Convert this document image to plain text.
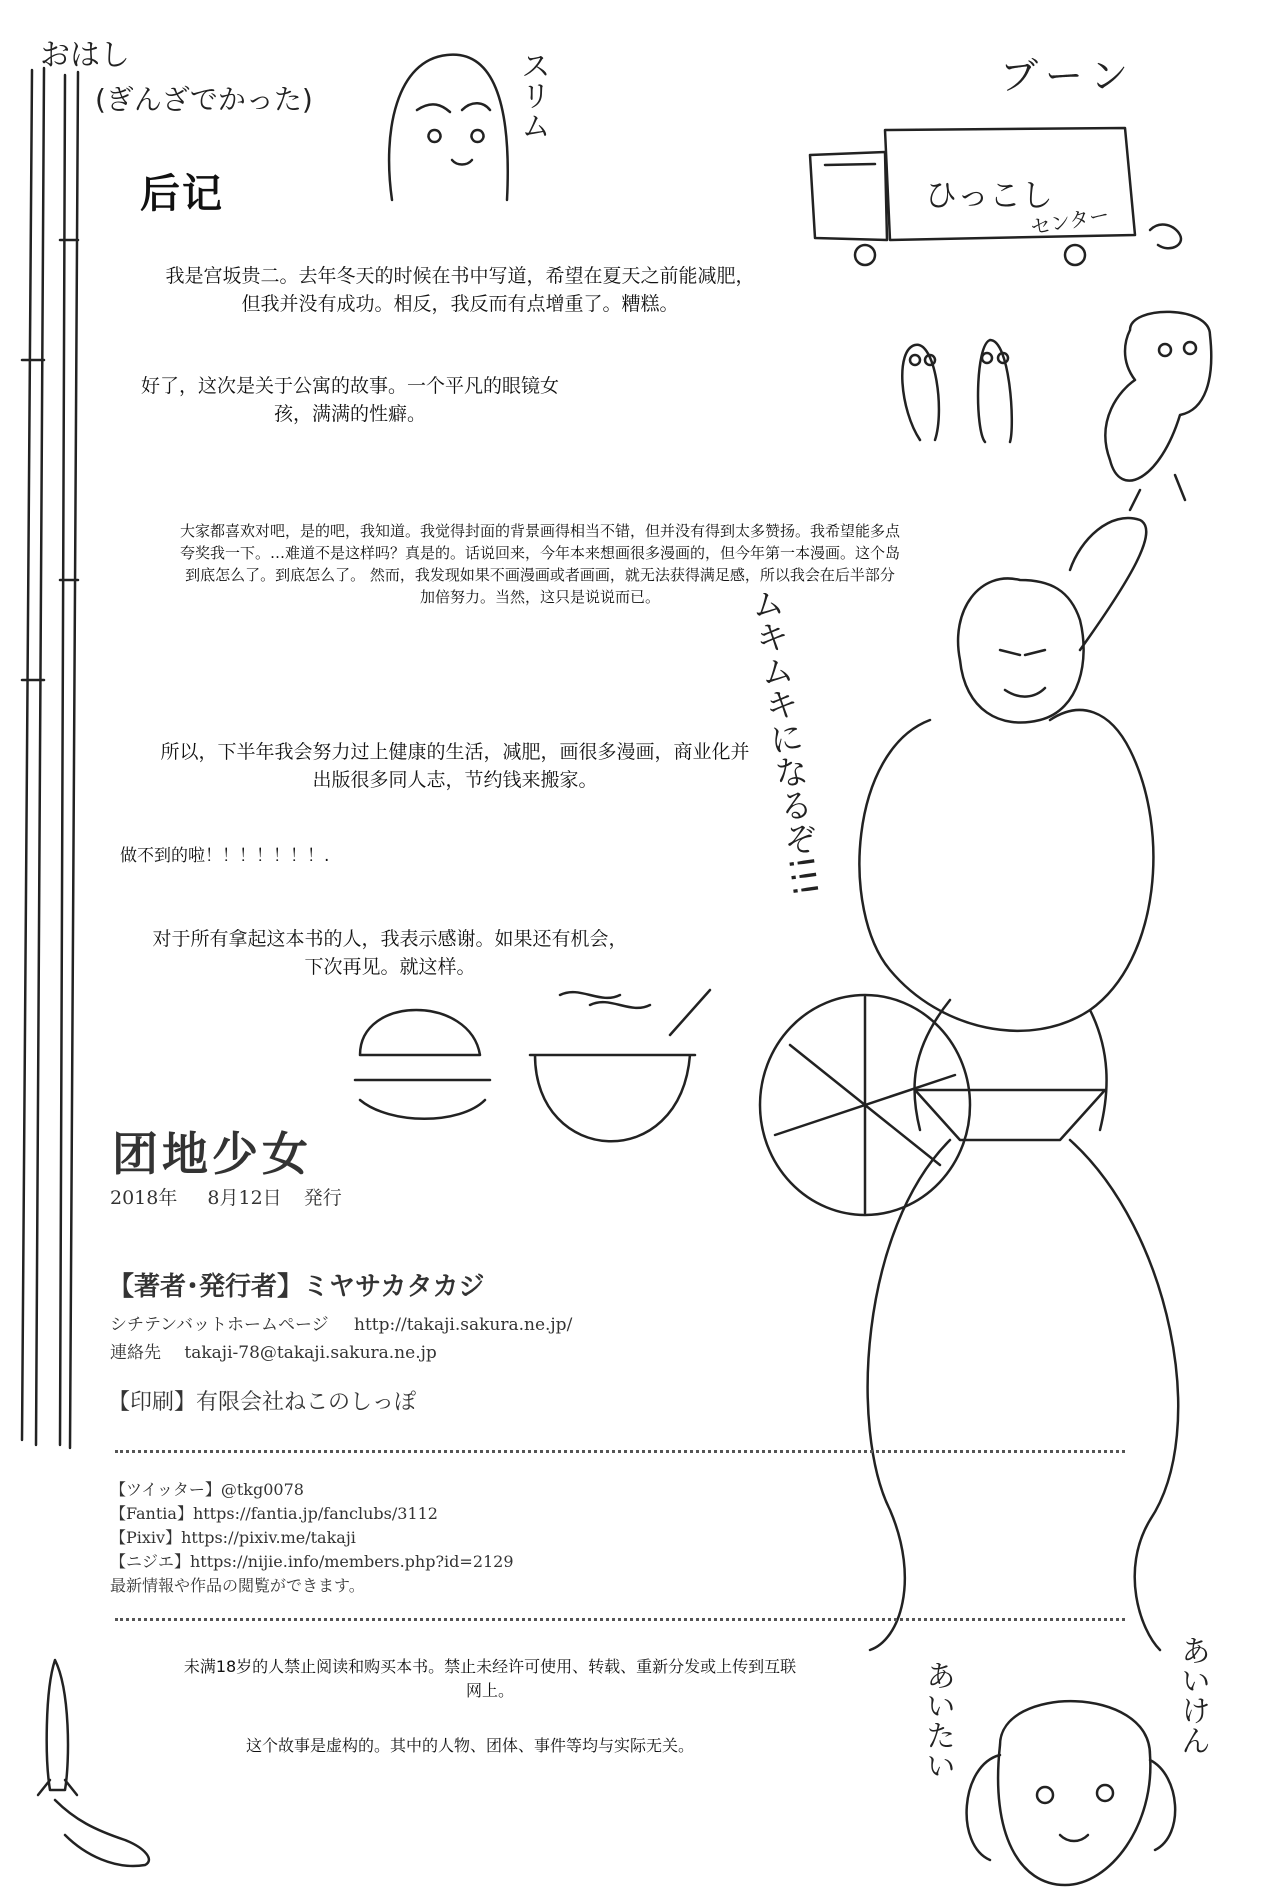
おはし
(ぎんざでかった)	スリム	ブーン
ひっこし
センター
后记
我是宫坂贵二。去年冬天的时候在书中写道，希望在夏天之前能减肥，
但我并没有成功。相反，我反而有点增重了。糟糕。
好了，这次是关于公寓的故事。一个平凡的眼镜女
孩，满满的性癖。
大家都喜欢对吧，是的吧，我知道。我觉得封面的背景画得相当不错，但并没有得到太多赞扬。我希望能多点
夸奖我一下。…难道不是这样吗？真是的。话说回来，今年本来想画很多漫画的，但今年第一本漫画。这个岛
到底怎么了。到底怎么了。 然而，我发现如果不画漫画或者画画，就无法获得满足感，所以我会在后半部分
加倍努力。当然，这只是说说而已。	ムキムキになるぞ!!!
所以，下半年我会努力过上健康的生活，减肥，画很多漫画，商业化并
出版很多同人志，节约钱来搬家。
做不到的啦！！！！！！！.
对于所有拿起这本书的人，我表示感谢。如果还有机会，
下次再见。就这样。
团地少女
2018年 8月12日 発行
【著者･発行者】ミヤサカタカジ
シチテンバットホームページ http://takaji.sakura.ne.jp/
連絡先 takaji-78@takaji.sakura.ne.jp
【印刷】有限会社ねこのしっぽ
【ツイッター】@tkg0078
【Fantia】https://fantia.jp/fanclubs/3112
【Pixiv】https://pixiv.me/takaji
【ニジエ】https://nijie.info/members.php?id=2129
最新情報や作品の閲覧ができます。
未满18岁的人禁止阅读和购买本书。禁止未经许可使用、转载、重新分发或上传到互联
网上。
这个故事是虚构的。其中的人物、团体、事件等均与实际无关。	あいけん
あいたい
